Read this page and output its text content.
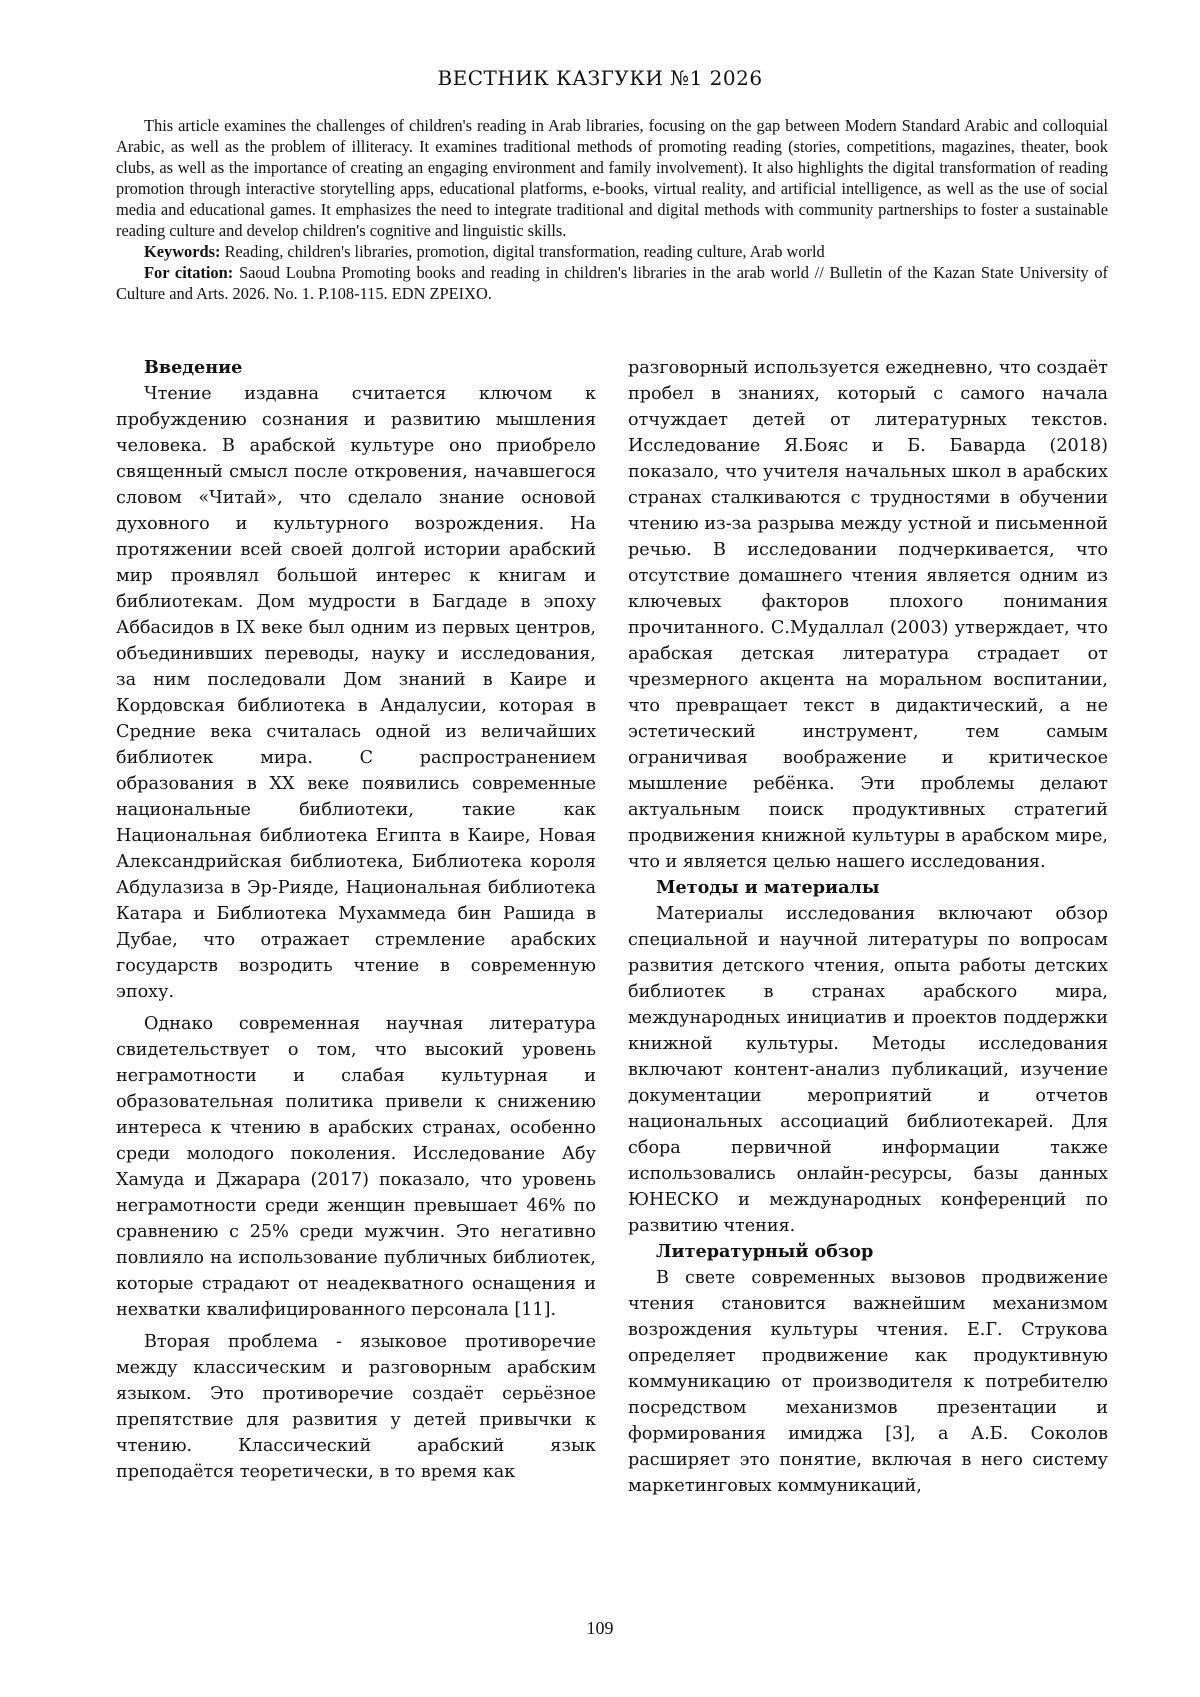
ВЕСТНИК КАЗГУКИ №1 2026

This article examines the challenges of children's reading in Arab libraries, focusing on the gap between Modern Standard Arabic and colloquial Arabic, as well as the problem of illiteracy. It examines traditional methods of promoting reading (stories, competitions, magazines, theater, book clubs, as well as the importance of creating an engaging environment and family involvement). It also highlights the digital transformation of reading promotion through interactive storytelling apps, educational platforms, e-books, virtual reality, and artificial intelligence, as well as the use of social media and educational games. It emphasizes the need to integrate traditional and digital methods with community partnerships to foster a sustainable reading culture and develop children's cognitive and linguistic skills.

Keywords: Reading, children's libraries, promotion, digital transformation, reading culture, Arab world

For citation: Saoud Loubna Promoting books and reading in children's libraries in the arab world // Bulletin of the Kazan State University of Culture and Arts. 2026. No. 1. P.108-115. EDN ZPEIXO.

Введение

Чтение издавна считается ключом к пробуждению сознания и развитию мышления человека. В арабской культуре оно приобрело священный смысл после откровения, начавшегося словом «Читай», что сделало знание основой духовного и культурного возрождения. На протяжении всей своей долгой истории арабский мир проявлял большой интерес к книгам и библиотекам. Дом мудрости в Багдаде в эпоху Аббасидов в IX веке был одним из первых центров, объединивших переводы, науку и исследования, за ним последовали Дом знаний в Каире и Кордовская библиотека в Андалусии, которая в Средние века считалась одной из величайших библиотек мира. С распространением образования в XX веке появились современные национальные библиотеки, такие как Национальная библиотека Египта в Каире, Новая Александрийская библиотека, Библиотека короля Абдулазиза в Эр-Рияде, Национальная библиотека Катара и Библиотека Мухаммеда бин Рашида в Дубае, что отражает стремление арабских государств возродить чтение в современную эпоху.

Однако современная научная литература свидетельствует о том, что высокий уровень неграмотности и слабая культурная и образовательная политика привели к снижению интереса к чтению в арабских странах, особенно среди молодого поколения. Исследование Абу Хамуда и Джарара (2017) показало, что уровень неграмотности среди женщин превышает 46% по сравнению с 25% среди мужчин. Это негативно повлияло на использование публичных библиотек, которые страдают от неадекватного оснащения и нехватки квалифицированного персонала [11].

Вторая проблема - языковое противоречие между классическим и разговорным арабским языком. Это противоречие создаёт серьёзное препятствие для развития у детей привычки к чтению. Классический арабский язык преподаётся теоретически, в то время как

разговорный используется ежедневно, что создаёт пробел в знаниях, который с самого начала отчуждает детей от литературных текстов. Исследование Я.Бояс и Б. Баварда (2018) показало, что учителя начальных школ в арабских странах сталкиваются с трудностями в обучении чтению из-за разрыва между устной и письменной речью. В исследовании подчеркивается, что отсутствие домашнего чтения является одним из ключевых факторов плохого понимания прочитанного. С.Мудаллал (2003) утверждает, что арабская детская литература страдает от чрезмерного акцента на моральном воспитании, что превращает текст в дидактический, а не эстетический инструмент, тем самым ограничивая воображение и критическое мышление ребёнка. Эти проблемы делают актуальным поиск продуктивных стратегий продвижения книжной культуры в арабском мире, что и является целью нашего исследования.

Методы и материалы

Материалы исследования включают обзор специальной и научной литературы по вопросам развития детского чтения, опыта работы детских библиотек в странах арабского мира, международных инициатив и проектов поддержки книжной культуры. Методы исследования включают контент-анализ публикаций, изучение документации мероприятий и отчетов национальных ассоциаций библиотекарей. Для сбора первичной информации также использовались онлайн-ресурсы, базы данных ЮНЕСКО и международных конференций по развитию чтения.

Литературный обзор

В свете современных вызовов продвижение чтения становится важнейшим механизмом возрождения культуры чтения. Е.Г. Струкова определяет продвижение как продуктивную коммуникацию от производителя к потребителю посредством механизмов презентации и формирования имиджа [3], а А.Б. Соколов расширяет это понятие, включая в него систему маркетинговых коммуникаций,

109
